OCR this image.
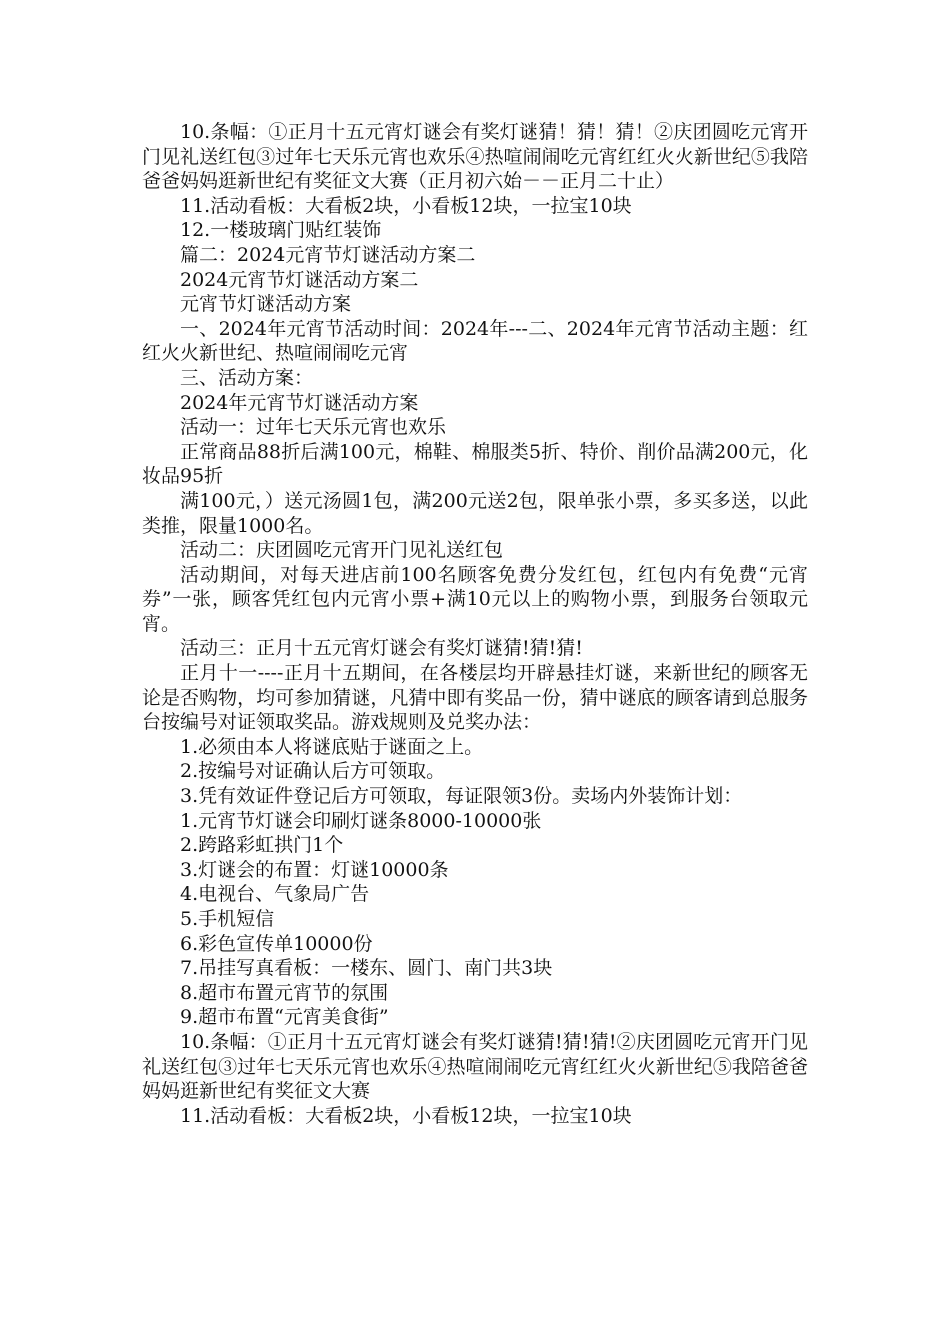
10.条幅：①正月十五元宵灯谜会有奖灯谜猜！猜！猜！②庆团圆吃元宵开门见礼送红包③过年七天乐元宵也欢乐④热喧闹闹吃元宵红红火火新世纪⑤我陪爸爸妈妈逛新世纪有奖征文大赛（正月初六始－－正月二十止）

11.活动看板：大看板2块，小看板12块，一拉宝10块

12.一楼玻璃门贴红装饰

篇二：2024元宵节灯谜活动方案二

2024元宵节灯谜活动方案二

元宵节灯谜活动方案

一、2024年元宵节活动时间：2024年---二、2024年元宵节活动主题：红红火火新世纪、热喧闹闹吃元宵

三、活动方案：

2024年元宵节灯谜活动方案

活动一：过年七天乐元宵也欢乐

正常商品88折后满100元，棉鞋、棉服类5折、特价、削价品满200元，化妆品95折

满100元，）送元汤圆1包，满200元送2包，限单张小票，多买多送，以此类推，限量1000名。

活动二：庆团圆吃元宵开门见礼送红包

活动期间，对每天进店前100名顾客免费分发红包，红包内有免费“元宵券”一张，顾客凭红包内元宵小票+满10元以上的购物小票，到服务台领取元宵。

活动三：正月十五元宵灯谜会有奖灯谜猜!猜!猜!

正月十一----正月十五期间，在各楼层均开辟悬挂灯谜，来新世纪的顾客无论是否购物，均可参加猜谜，凡猜中即有奖品一份，猜中谜底的顾客请到总服务台按编号对证领取奖品。游戏规则及兑奖办法：

1.必须由本人将谜底贴于谜面之上。

2.按编号对证确认后方可领取。

3.凭有效证件登记后方可领取，每证限领3份。卖场内外装饰计划：

1.元宵节灯谜会印刷灯谜条8000-10000张

2.跨路彩虹拱门1个

3.灯谜会的布置：灯谜10000条

4.电视台、气象局广告

5.手机短信

6.彩色宣传单10000份

7.吊挂写真看板：一楼东、圆门、南门共3块

8.超市布置元宵节的氛围

9.超市布置“元宵美食街”

10.条幅：①正月十五元宵灯谜会有奖灯谜猜!猜!猜!②庆团圆吃元宵开门见礼送红包③过年七天乐元宵也欢乐④热喧闹闹吃元宵红红火火新世纪⑤我陪爸爸妈妈逛新世纪有奖征文大赛

11.活动看板：大看板2块，小看板12块，一拉宝10块
